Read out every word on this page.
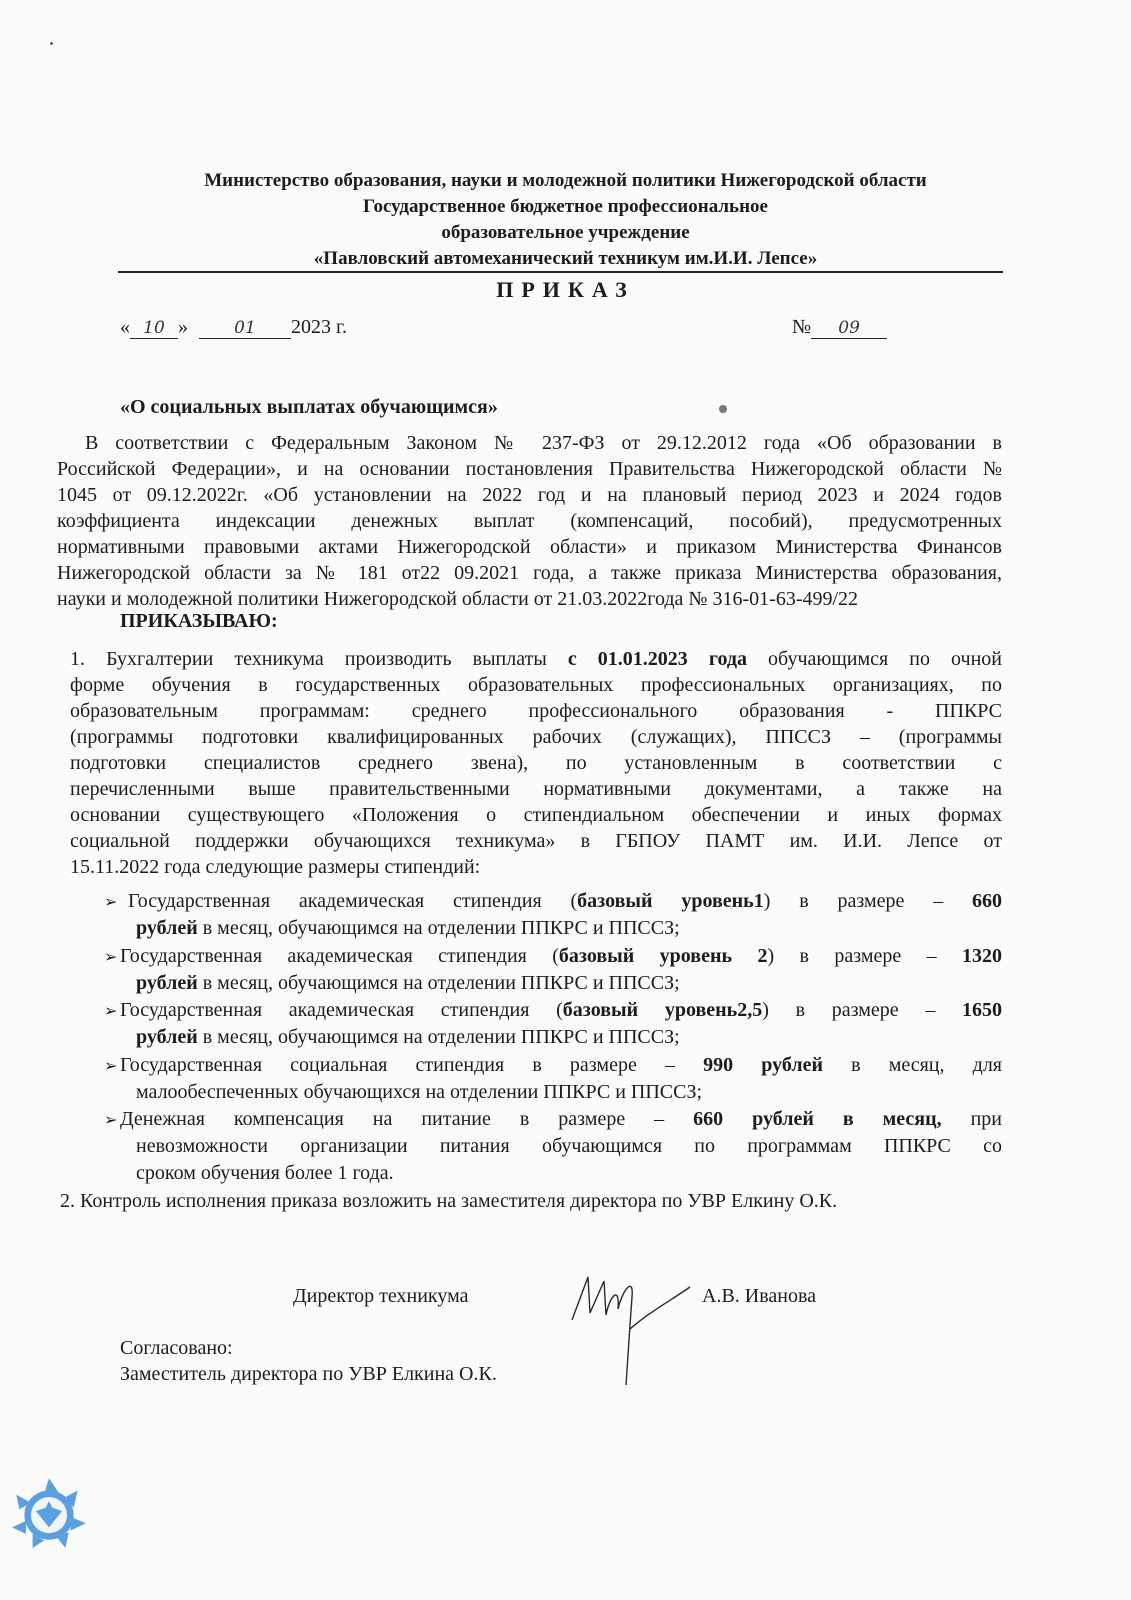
Министерство образования, науки и молодежной политики Нижегородской области
Государственное бюджетное профессиональное
образовательное учреждение
«Павловский автомеханический техникум им.И.И. Лепсе»
ПРИКАЗ
« 10 »	01 2023 г.	№ 09
«О социальных выплатах обучающимся»
В соответствии с Федеральным Законом № 237-ФЗ от 29.12.2012 года «Об образовании в
Российской Федерации», и на основании постановления Правительства Нижегородской области №
1045 от 09.12.2022г. «Об установлении на 2022 год и на плановый период 2023 и 2024 годов
коэффициента индексации денежных выплат (компенсаций, пособий), предусмотренных
нормативными правовыми актами Нижегородской области» и приказом Министерства Финансов
Нижегородской области за № 181 от22 09.2021 года, а также приказа Министерства образования,
науки и молодежной политики Нижегородской области от 21.03.2022года № 316-01-63-499/22
ПРИКАЗЫВАЮ:
1. Бухгалтерии техникума производить выплаты с 01.01.2023 года обучающимся по очной
форме обучения в государственных образовательных профессиональных организациях, по
образовательным программам: среднего профессионального образования - ППКРС
(программы подготовки квалифицированных рабочих (служащих), ППССЗ – (программы
подготовки специалистов среднего звена), по установленным в соответствии с
перечисленными выше правительственными нормативными документами, а также на
основании существующего «Положения о стипендиальном обеспечении и иных формах
социальной поддержки обучающихся техникума» в ГБПОУ ПАМТ им. И.И. Лепсе от
15.11.2022 года следующие размеры стипендий:
➢ Государственная академическая стипендия (базовый уровень1) в размере – 660
рублей в месяц, обучающимся на отделении ППКРС и ППССЗ;
➢ Государственная академическая стипендия (базовый уровень 2) в размере – 1320
рублей в месяц, обучающимся на отделении ППКРС и ППССЗ;
➢ Государственная академическая стипендия (базовый уровень2,5) в размере – 1650
рублей в месяц, обучающимся на отделении ППКРС и ППССЗ;
➢ Государственная социальная стипендия в размере – 990 рублей в месяц, для
малообеспеченных обучающихся на отделении ППКРС и ППССЗ;
➢ Денежная компенсация на питание в размере – 660 рублей в месяц, при
невозможности организации питания обучающимся по программам ППКРС со
сроком обучения более 1 года.
2. Контроль исполнения приказа возложить на заместителя директора по УВР Елкину О.К.
Директор техникума	А.В. Иванова
Согласовано:
Заместитель директора по УВР Елкина О.К.
